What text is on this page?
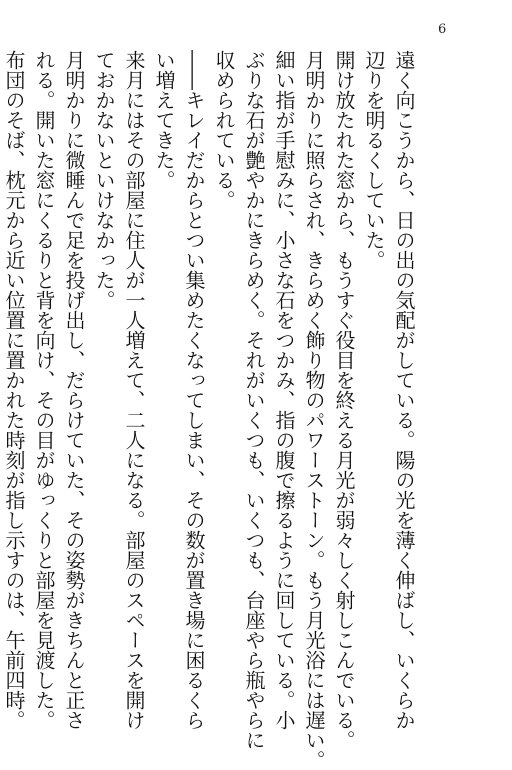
6
遠く向こうから、日の出の気配がしている。陽の光を薄く伸ばし、いくらか
辺りを明るくしていた。
開け放たれた窓から、もうすぐ役目を終える月光が弱々しく射しこんでいる。
月明かりに照らされ、きらめく飾り物のパワーストーン。もう月光浴には遅い。
細い指が手慰みに、小さな石をつかみ、指の腹で擦るように回している。小
ぶりな石が艶やかにきらめく。それがいくつも、いくつも、台座やら瓶やらに
収められている。
――キレイだからとつい集めたくなってしまい、その数が置き場に困るくら
い増えてきた。
来月にはその部屋に住人が一人増えて、二人になる。部屋のスペースを開け
ておかないといけなかった。
月明かりに微睡んで足を投げ出し、だらけていた、その姿勢がきちんと正さ
れる。開いた窓にくるりと背を向け、その目がゆっくりと部屋を見渡した。
布団のそば、枕元から近い位置に置かれた時刻が指し示すのは、午前四時。
